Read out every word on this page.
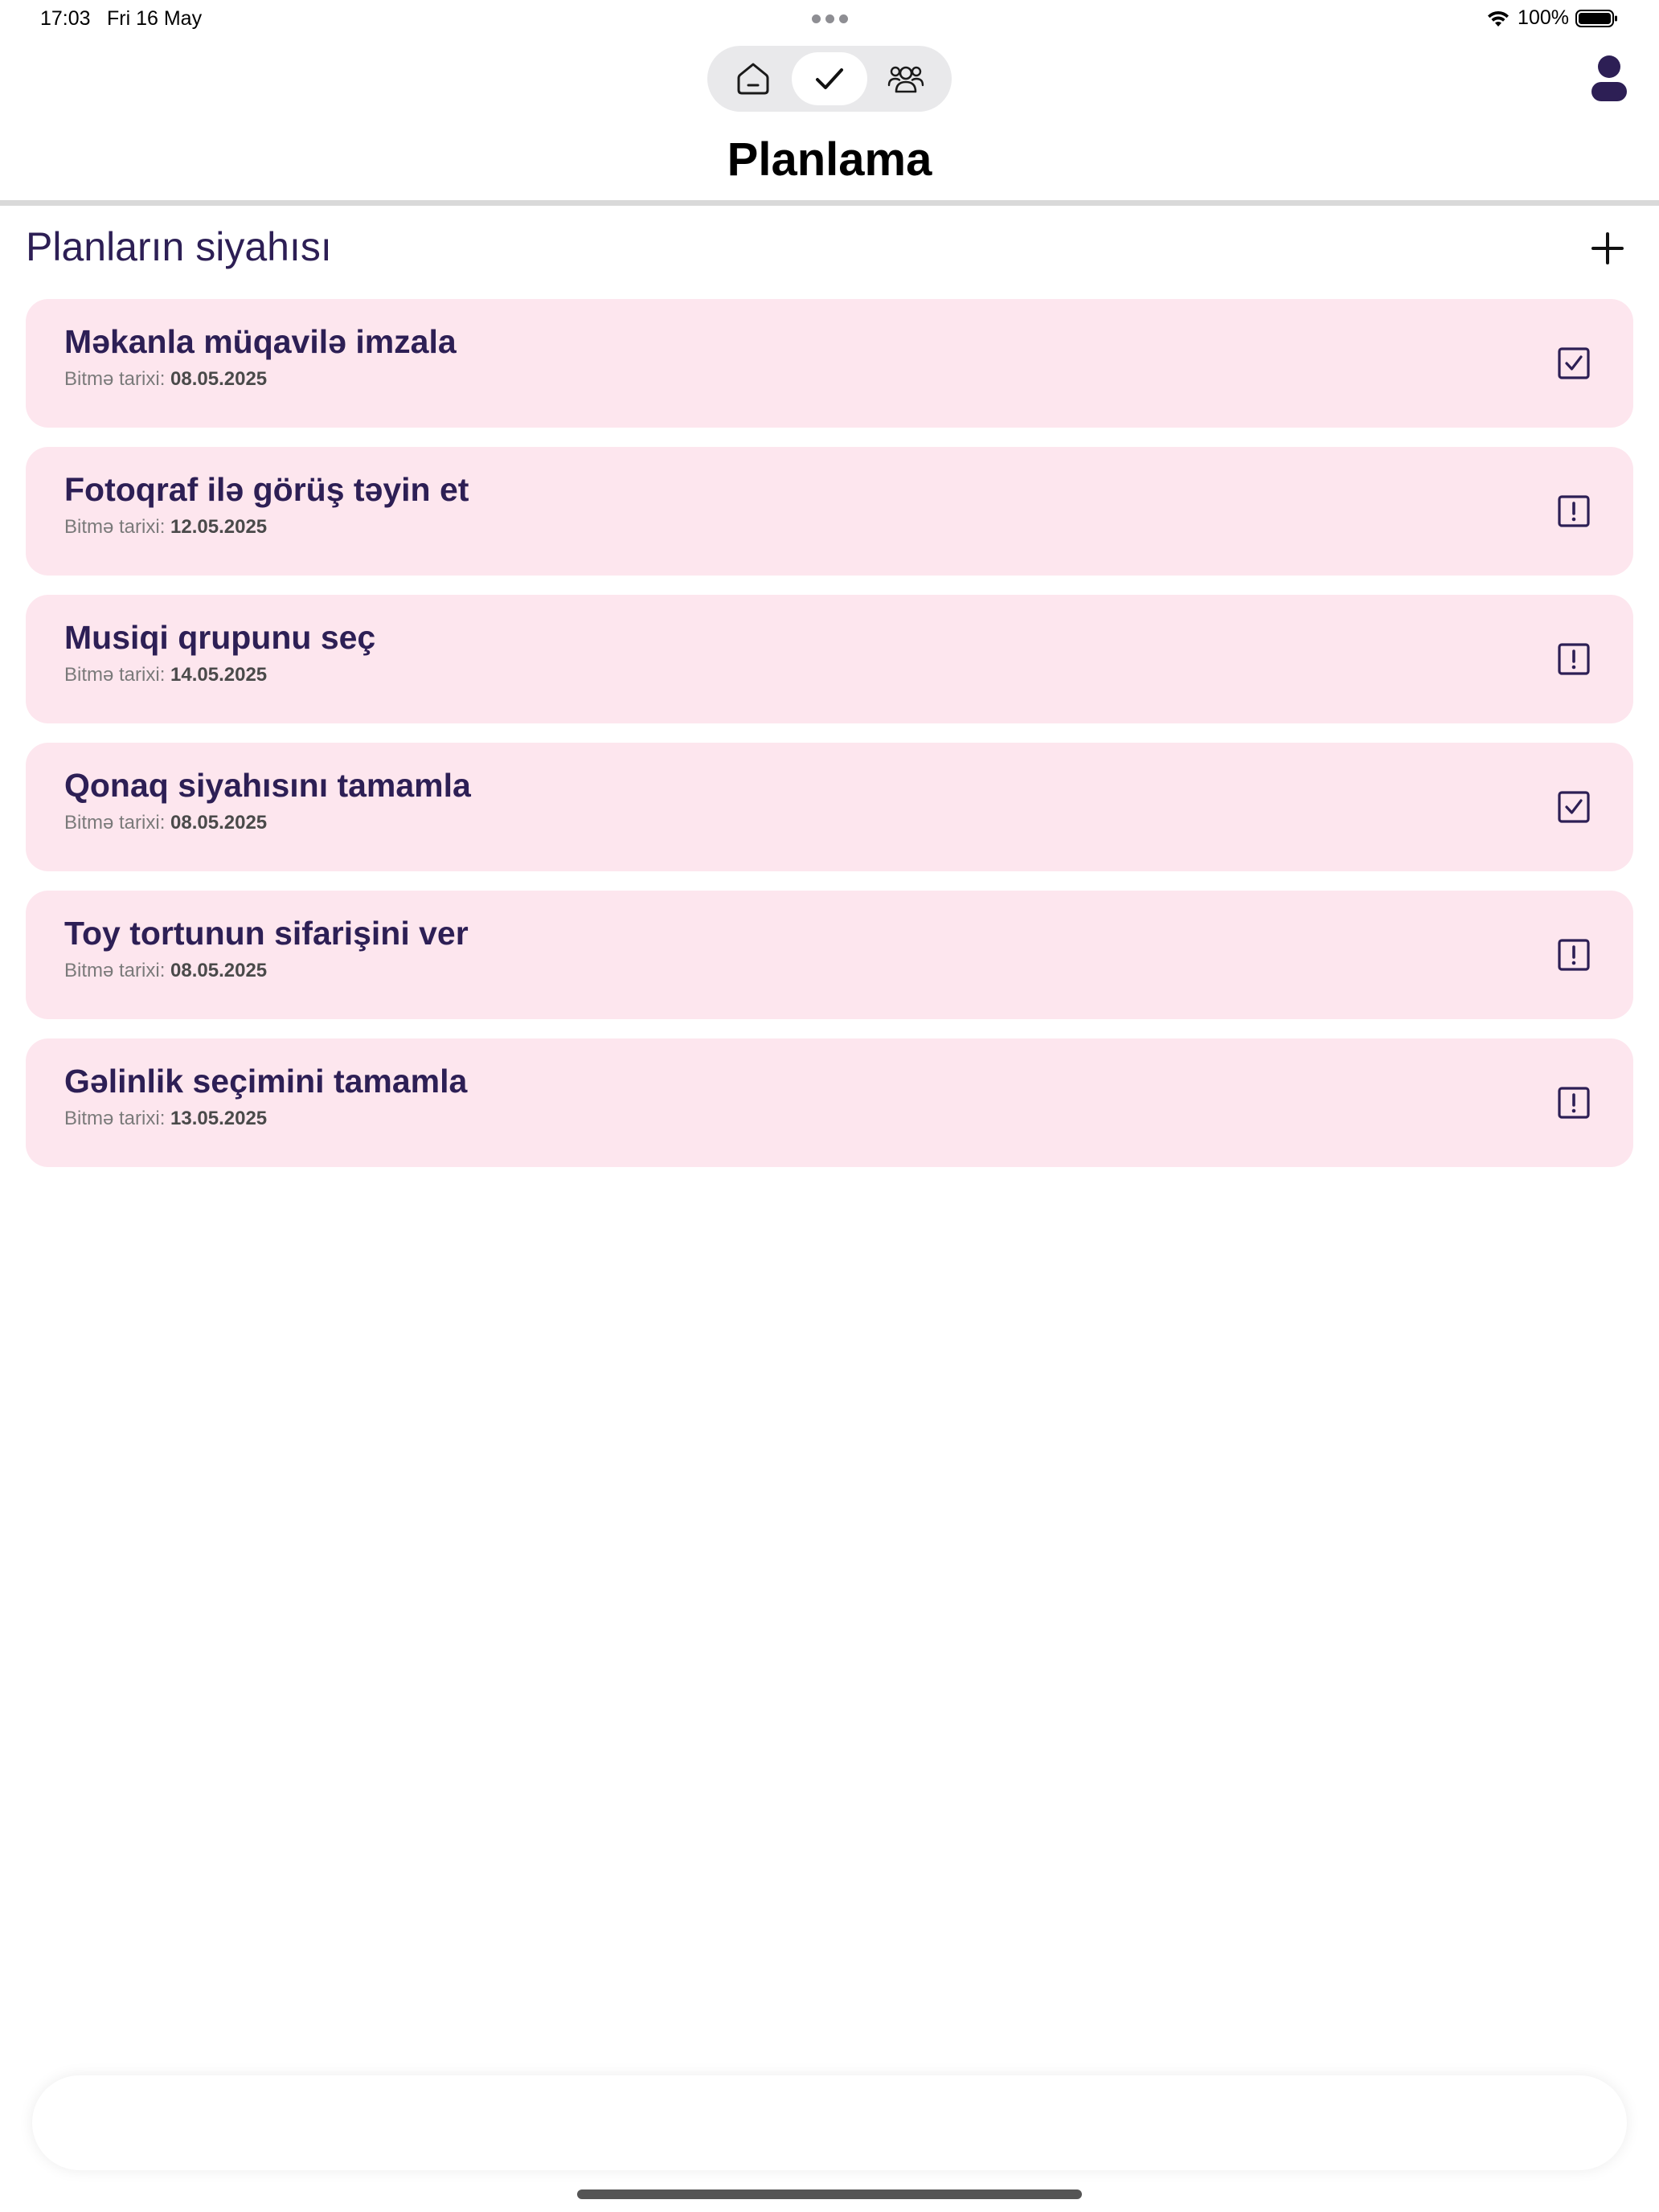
17:03 Fri 16 May	100%
Planlama
Planların siyahısı
Məkanla müqavilə imzala
Bitmə tarixi: 08.05.2025
Fotoqraf ilə görüş təyin et
Bitmə tarixi: 12.05.2025
Musiqi qrupunu seç
Bitmə tarixi: 14.05.2025
Qonaq siyahısını tamamla
Bitmə tarixi: 08.05.2025
Toy tortunun sifarişini ver
Bitmə tarixi: 08.05.2025
Gəlinlik seçimini tamamla
Bitmə tarixi: 13.05.2025
